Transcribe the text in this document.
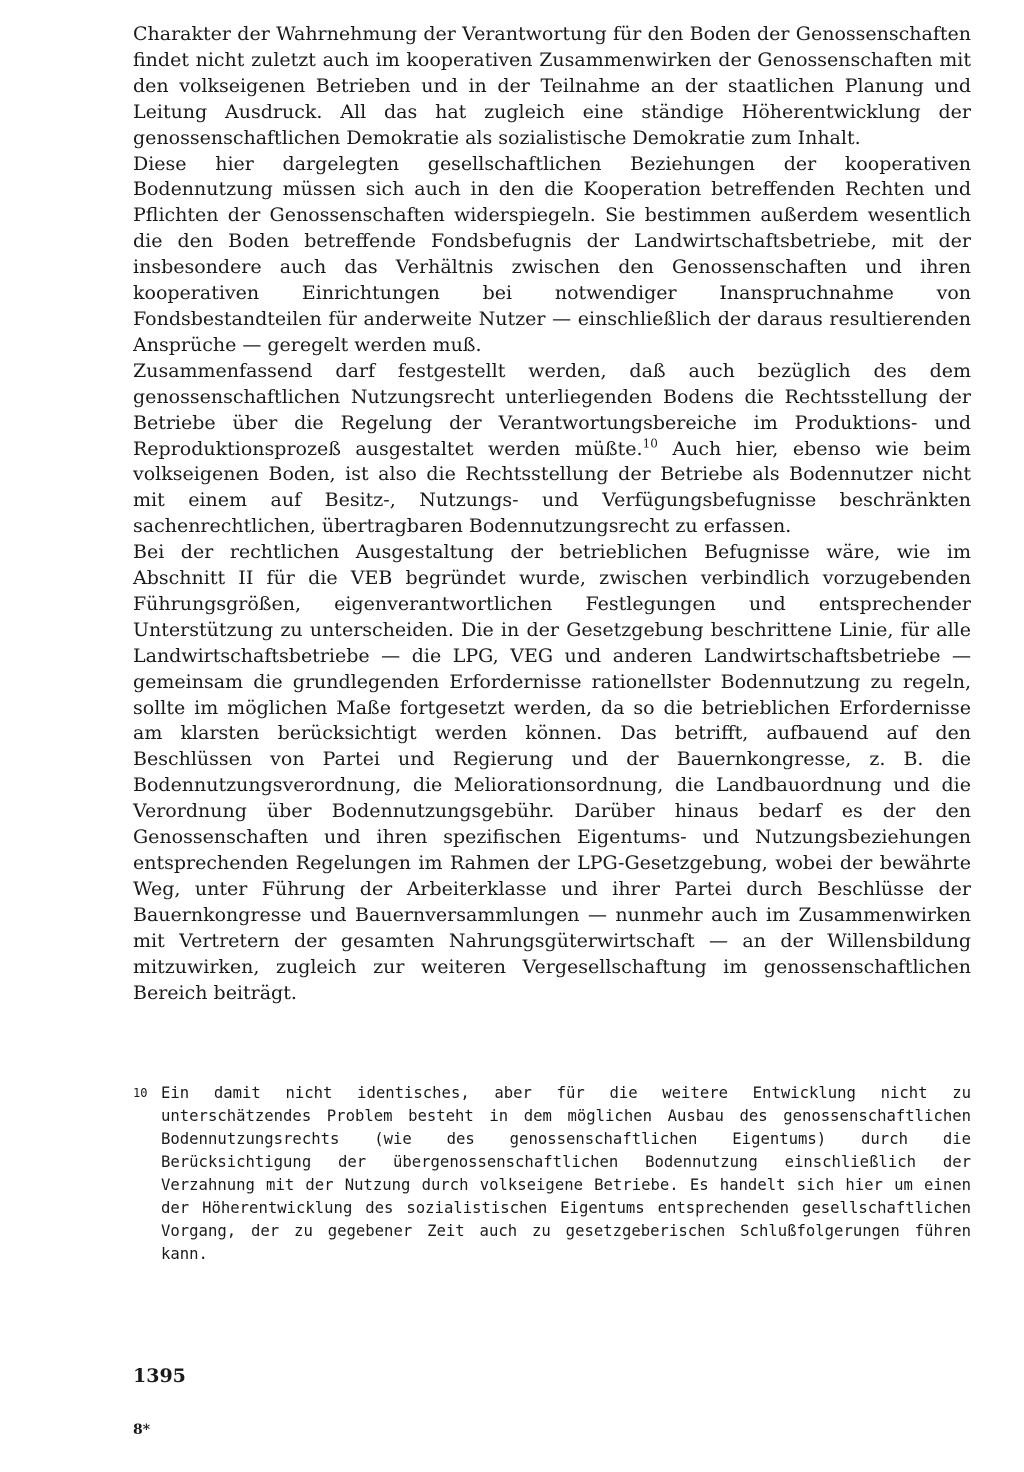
Charakter der Wahrnehmung der Verantwortung für den Boden der Genossenschaften findet nicht zuletzt auch im kooperativen Zusammenwirken der Genossenschaften mit den volkseigenen Betrieben und in der Teilnahme an der staatlichen Planung und Leitung Ausdruck. All das hat zugleich eine ständige Höherentwicklung der genossenschaftlichen Demokratie als sozialistische Demokratie zum Inhalt.

Diese hier dargelegten gesellschaftlichen Beziehungen der kooperativen Bodennutzung müssen sich auch in den die Kooperation betreffenden Rechten und Pflichten der Genossenschaften widerspiegeln. Sie bestimmen außerdem wesentlich die den Boden betreffende Fondsbefugnis der Landwirtschaftsbetriebe, mit der insbesondere auch das Verhältnis zwischen den Genossenschaften und ihren kooperativen Einrichtungen bei notwendiger Inanspruchnahme von Fondsbestandteilen für anderweite Nutzer — einschließlich der daraus resultierenden Ansprüche — geregelt werden muß.

Zusammenfassend darf festgestellt werden, daß auch bezüglich des dem genossenschaftlichen Nutzungsrecht unterliegenden Bodens die Rechtsstellung der Betriebe über die Regelung der Verantwortungsbereiche im Produktions- und Reproduktionsprozeß ausgestaltet werden müßte.$^{10}$ Auch hier, ebenso wie beim volkseigenen Boden, ist also die Rechtsstellung der Betriebe als Bodennutzer nicht mit einem auf Besitz-, Nutzungs- und Verfügungsbefugnisse beschränkten sachenrechtlichen, übertragbaren Bodennutzungsrecht zu erfassen.

Bei der rechtlichen Ausgestaltung der betrieblichen Befugnisse wäre, wie im Abschnitt II für die VEB begründet wurde, zwischen verbindlich vorzugebenden Führungsgrößen, eigenverantwortlichen Festlegungen und entsprechender Unterstützung zu unterscheiden. Die in der Gesetzgebung beschrittene Linie, für alle Landwirtschaftsbetriebe — die LPG, VEG und anderen Landwirtschaftsbetriebe — gemeinsam die grundlegenden Erfordernisse rationellster Bodennutzung zu regeln, sollte im möglichen Maße fortgesetzt werden, da so die betrieblichen Erfordernisse am klarsten berücksichtigt werden können. Das betrifft, aufbauend auf den Beschlüssen von Partei und Regierung und der Bauernkongresse, z. B. die Bodennutzungsverordnung, die Meliorationsordnung, die Landbauordnung und die Verordnung über Bodennutzungsgebühr. Darüber hinaus bedarf es der den Genossenschaften und ihren spezifischen Eigentums- und Nutzungsbeziehungen entsprechenden Regelungen im Rahmen der LPG-Gesetzgebung, wobei der bewährte Weg, unter Führung der Arbeiterklasse und ihrer Partei durch Beschlüsse der Bauernkongresse und Bauernversammlungen — nunmehr auch im Zusammenwirken mit Vertretern der gesamten Nahrungsgüterwirtschaft — an der Willensbildung mitzuwirken, zugleich zur weiteren Vergesellschaftung im genossenschaftlichen Bereich beiträgt.

10 Ein damit nicht identisches, aber für die weitere Entwicklung nicht zu unterschätzendes Problem besteht in dem möglichen Ausbau des genossenschaftlichen Bodennutzungsrechts (wie des genossenschaftlichen Eigentums) durch die Berücksichtigung der übergenossenschaftlichen Bodennutzung einschließlich der Verzahnung mit der Nutzung durch volkseigene Betriebe. Es handelt sich hier um einen der Höherentwicklung des sozialistischen Eigentums entsprechenden gesellschaftlichen Vorgang, der zu gegebener Zeit auch zu gesetzgeberischen Schlußfolgerungen führen kann.
1395
8*
